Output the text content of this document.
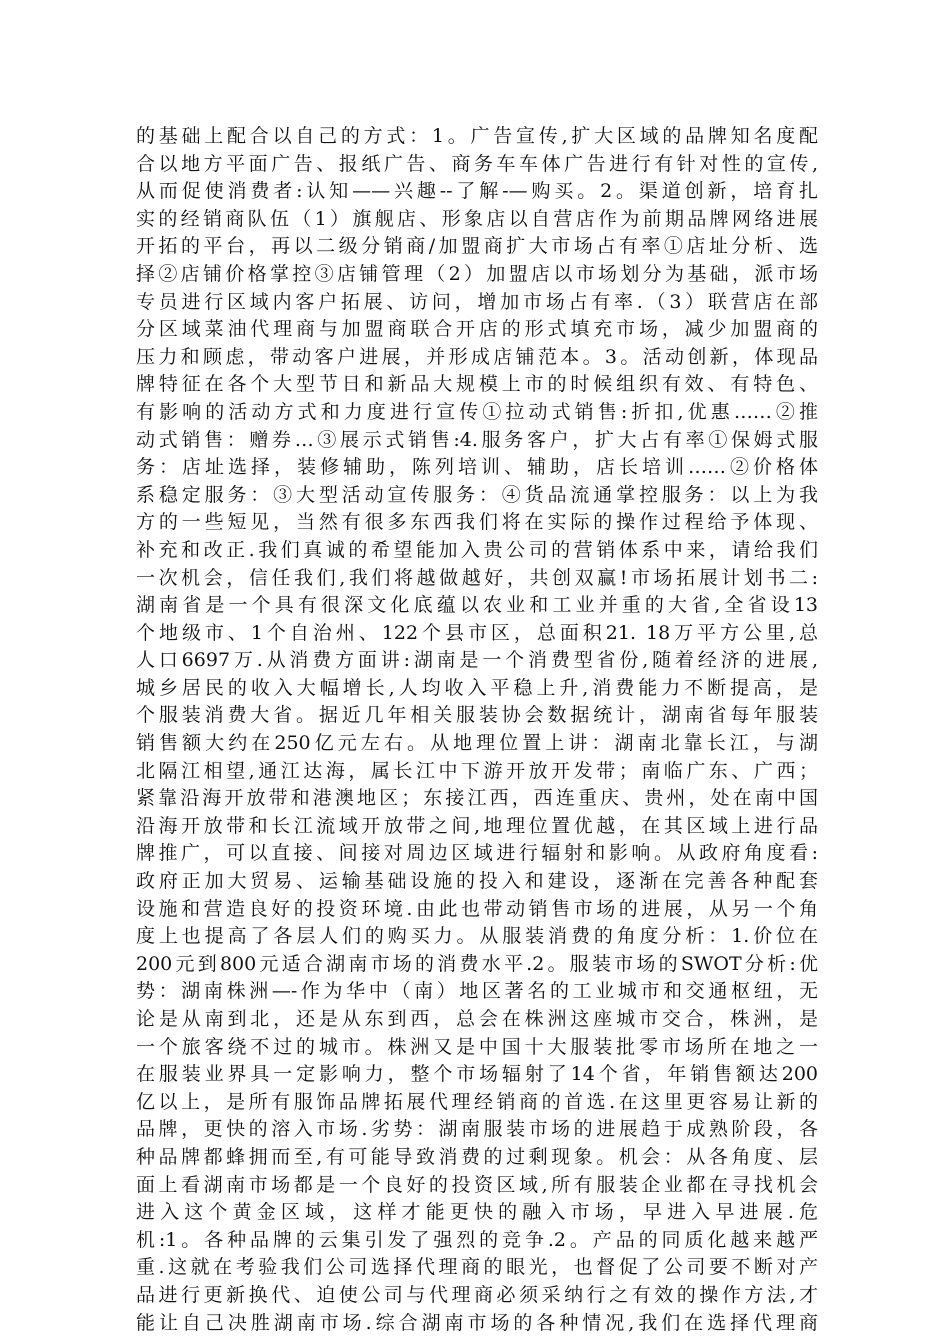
的基础上配合以自己的方式：1。广告宣传,扩大区域的品牌知名度配
合以地方平面广告、报纸广告、商务车车体广告进行有针对性的宣传,
从而促使消费者:认知——兴趣--了解-—购买。2。渠道创新，培育扎
实的经销商队伍（1）旗舰店、形象店以自营店作为前期品牌网络进展
开拓的平台，再以二级分销商/加盟商扩大市场占有率①店址分析、选
择②店铺价格掌控③店铺管理（2）加盟店以市场划分为基础，派市场
专员进行区域内客户拓展、访问，增加市场占有率.（3）联营店在部
分区域菜油代理商与加盟商联合开店的形式填充市场，减少加盟商的
压力和顾虑，带动客户进展，并形成店铺范本。3。活动创新，体现品
牌特征在各个大型节日和新品大规模上市的时候组织有效、有特色、
有影响的活动方式和力度进行宣传①拉动式销售:折扣,优惠……②推
动式销售：赠券…③展示式销售:4.服务客户，扩大占有率①保姆式服
务：店址选择，装修辅助，陈列培训、辅助，店长培训……②价格体
系稳定服务：③大型活动宣传服务：④货品流通掌控服务：以上为我
方的一些短见，当然有很多东西我们将在实际的操作过程给予体现、
补充和改正.我们真诚的希望能加入贵公司的营销体系中来，请给我们
一次机会，信任我们,我们将越做越好，共创双赢!市场拓展计划书二:
湖南省是一个具有很深文化底蕴以农业和工业并重的大省,全省设13
个地级市、1个自治州、122个县市区，总面积21. 18万平方公里,总
人口6697万.从消费方面讲:湖南是一个消费型省份,随着经济的进展,
城乡居民的收入大幅增长,人均收入平稳上升,消费能力不断提高，是
个服装消费大省。据近几年相关服装协会数据统计，湖南省每年服装
销售额大约在250亿元左右。从地理位置上讲：湖南北靠长江，与湖
北隔江相望,通江达海，属长江中下游开放开发带；南临广东、广西；
紧靠沿海开放带和港澳地区；东接江西，西连重庆、贵州，处在南中国
沿海开放带和长江流域开放带之间,地理位置优越，在其区域上进行品
牌推广，可以直接、间接对周边区域进行辐射和影响。从政府角度看:
政府正加大贸易、运输基础设施的投入和建设，逐渐在完善各种配套
设施和营造良好的投资环境.由此也带动销售市场的进展，从另一个角
度上也提高了各层人们的购买力。从服装消费的角度分析：1.价位在
200元到800元适合湖南市场的消费水平.2。服装市场的SWOT分析:优
势：湖南株洲—-作为华中（南）地区著名的工业城市和交通枢纽，无
论是从南到北，还是从东到西，总会在株洲这座城市交合，株洲，是
一个旅客绕不过的城市。株洲又是中国十大服装批零市场所在地之一
在服装业界具一定影响力，整个市场辐射了14个省，年销售额达200
亿以上，是所有服饰品牌拓展代理经销商的首选.在这里更容易让新的
品牌，更快的溶入市场.劣势：湖南服装市场的进展趋于成熟阶段，各
种品牌都蜂拥而至,有可能导致消费的过剩现象。机会：从各角度、层
面上看湖南市场都是一个良好的投资区域,所有服装企业都在寻找机会
进入这个黄金区域，这样才能更快的融入市场，早进入早进展.危
机:1。各种品牌的云集引发了强烈的竞争.2。产品的同质化越来越严
重.这就在考验我们公司选择代理商的眼光，也督促了公司要不断对产
品进行更新换代、迫使公司与代理商必须采纳行之有效的操作方法,才
能让自己决胜湖南市场.综合湖南市场的各种情况,我们在选择代理商
